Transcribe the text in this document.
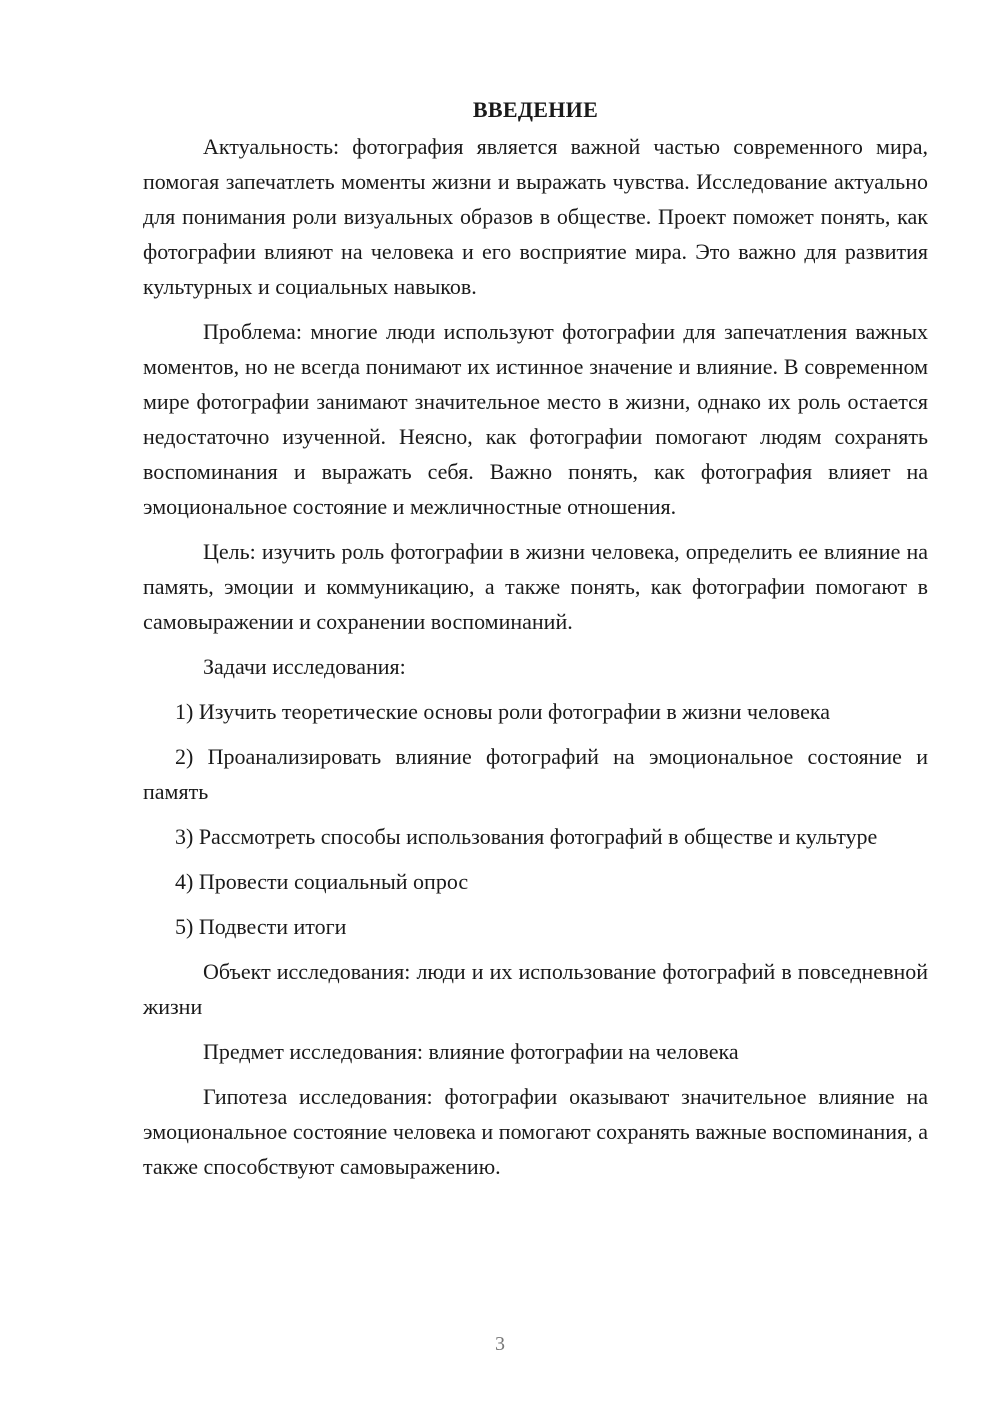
ВВЕДЕНИЕ

Актуальность: фотография является важной частью современного мира, помогая запечатлеть моменты жизни и выражать чувства. Исследование актуально для понимания роли визуальных образов в обществе. Проект поможет понять, как фотографии влияют на человека и его восприятие мира. Это важно для развития культурных и социальных навыков.

Проблема: многие люди используют фотографии для запечатления важных моментов, но не всегда понимают их истинное значение и влияние. В современном мире фотографии занимают значительное место в жизни, однако их роль остается недостаточно изученной. Неясно, как фотографии помогают людям сохранять воспоминания и выражать себя. Важно понять, как фотография влияет на эмоциональное состояние и межличностные отношения.

Цель: изучить роль фотографии в жизни человека, определить ее влияние на память, эмоции и коммуникацию, а также понять, как фотографии помогают в самовыражении и сохранении воспоминаний.

Задачи исследования:

1) Изучить теоретические основы роли фотографии в жизни человека

2) Проанализировать влияние фотографий на эмоциональное состояние и память

3) Рассмотреть способы использования фотографий в обществе и культуре

4) Провести социальный опрос

5) Подвести итоги

Объект исследования: люди и их использование фотографий в повседневной жизни

Предмет исследования: влияние фотографии на человека

Гипотеза исследования: фотографии оказывают значительное влияние на эмоциональное состояние человека и помогают сохранять важные воспоминания, а также способствуют самовыражению.

3
